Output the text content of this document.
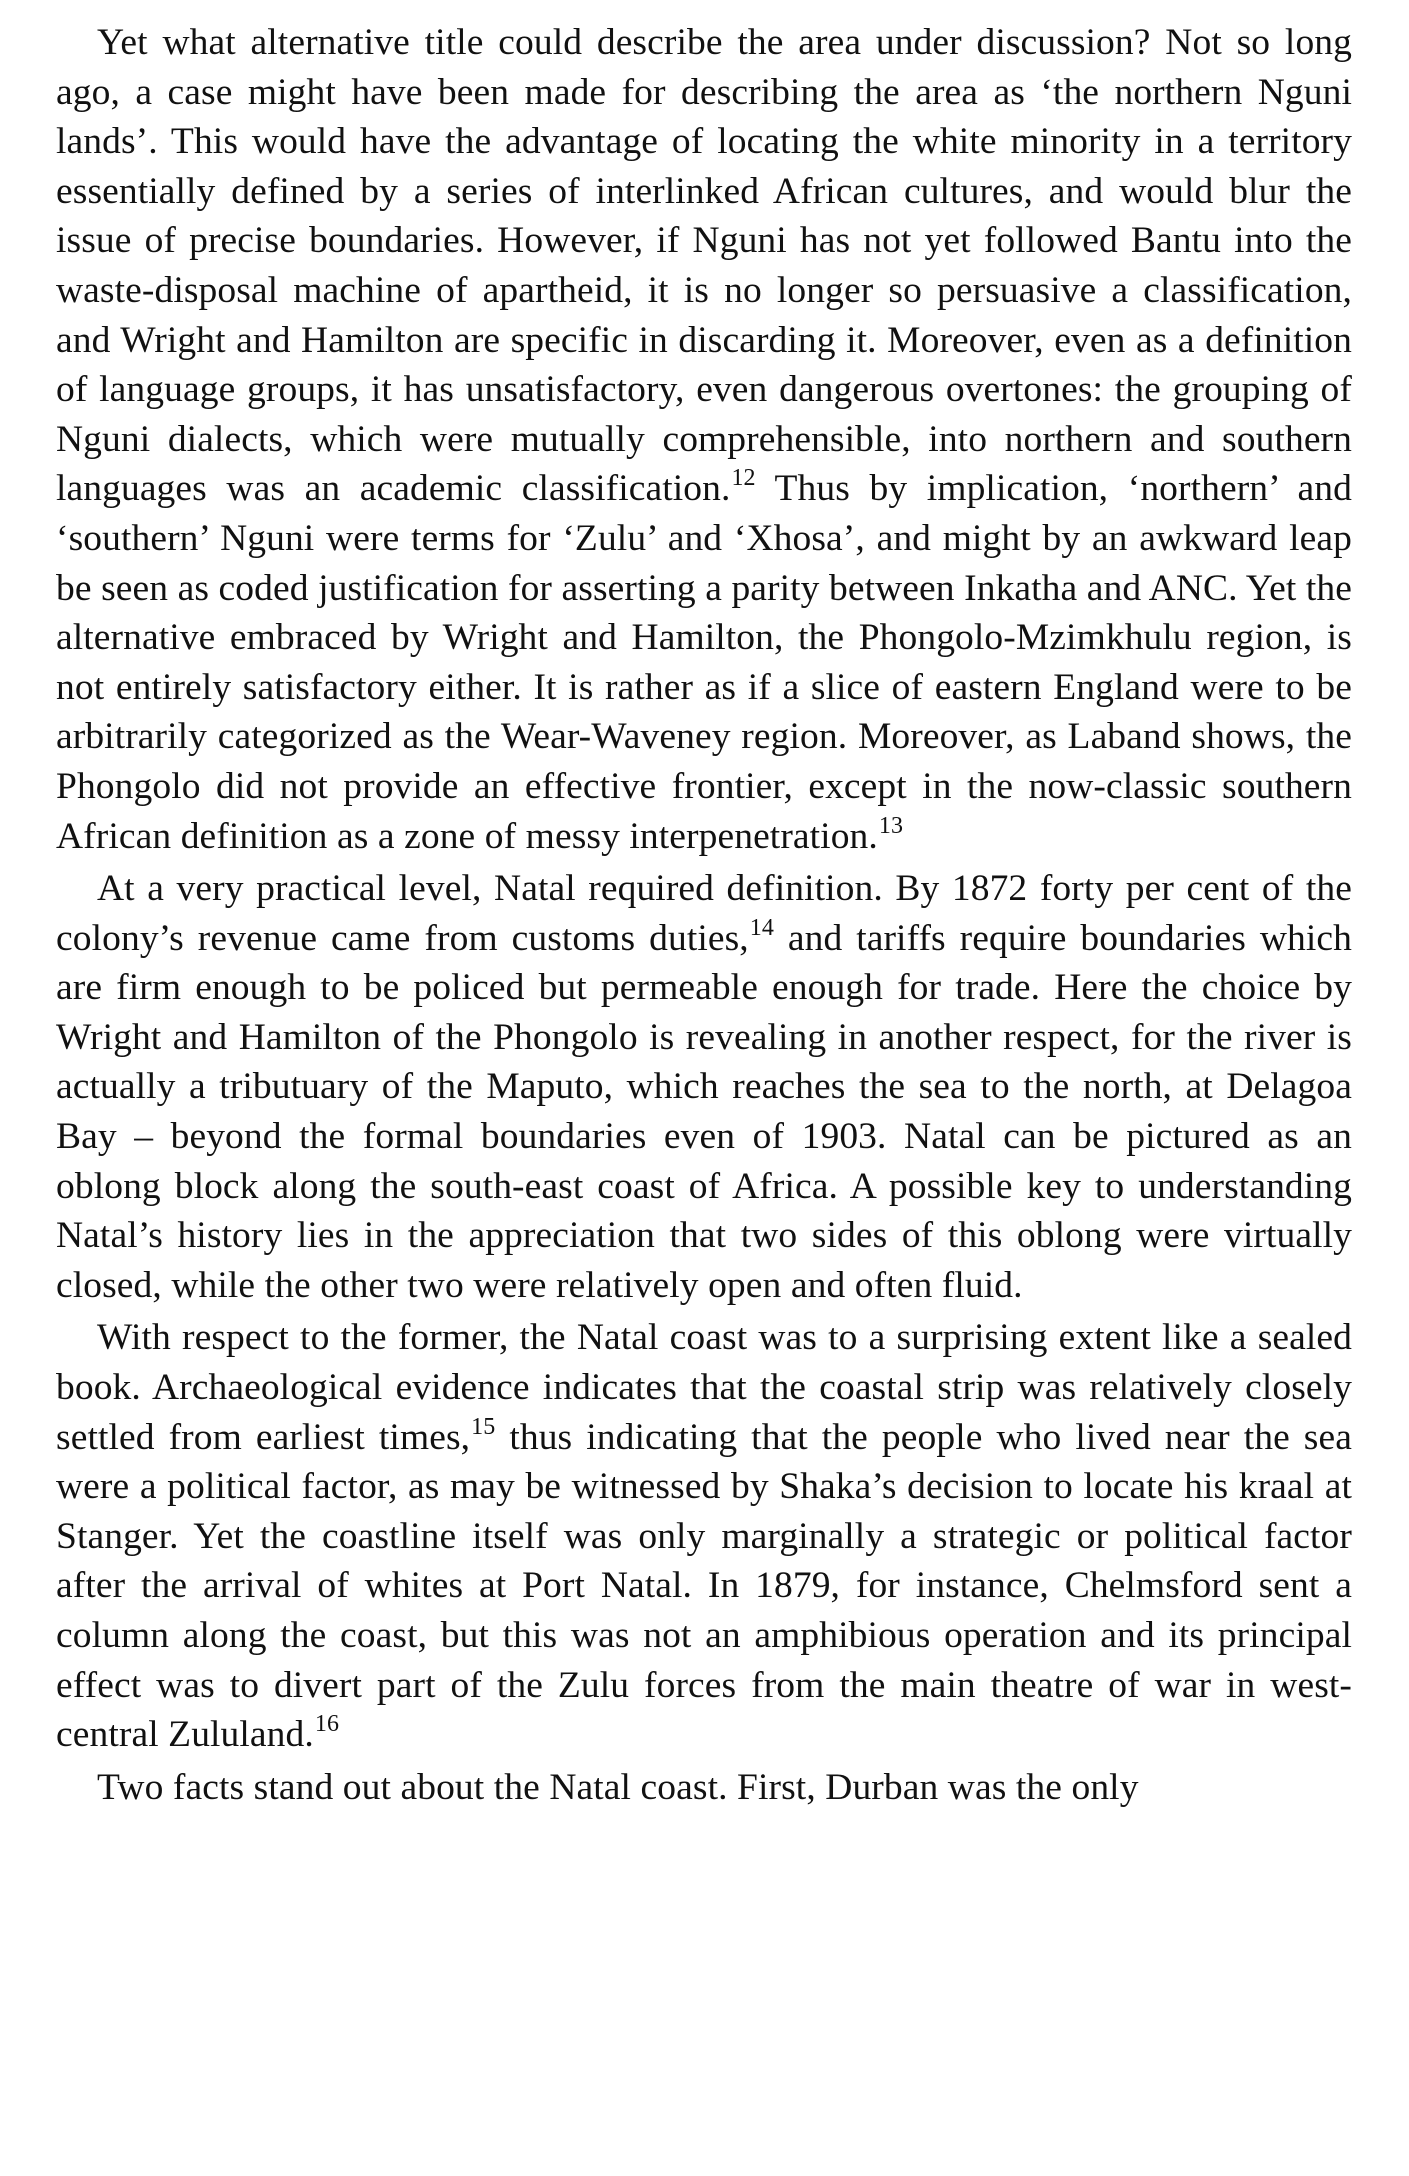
Yet what alternative title could describe the area under discussion? Not so long ago, a case might have been made for describing the area as ‘the northern Nguni lands’. This would have the advantage of locating the white minority in a territory essentially defined by a series of interlinked African cultures, and would blur the issue of precise boundaries. However, if Nguni has not yet followed Bantu into the waste-disposal machine of apartheid, it is no longer so persuasive a classification, and Wright and Hamilton are specific in discarding it. Moreover, even as a definition of language groups, it has unsatisfactory, even dangerous overtones: the grouping of Nguni dialects, which were mutually comprehensible, into northern and southern languages was an academic classification.$^{12}$ Thus by implication, ‘northern’ and ‘southern’ Nguni were terms for ‘Zulu’ and ‘Xhosa’, and might by an awkward leap be seen as coded justification for asserting a parity between Inkatha and ANC. Yet the alternative embraced by Wright and Hamilton, the Phongolo-Mzimkhulu region, is not entirely satisfactory either. It is rather as if a slice of eastern England were to be arbitrarily categorized as the Wear-Waveney region. Moreover, as Laband shows, the Phongolo did not provide an effective frontier, except in the now-classic southern African definition as a zone of messy interpenetration.$^{13}$

At a very practical level, Natal required definition. By 1872 forty per cent of the colony’s revenue came from customs duties,$^{14}$ and tariffs require boundaries which are firm enough to be policed but permeable enough for trade. Here the choice by Wright and Hamilton of the Phongolo is revealing in another respect, for the river is actually a tributuary of the Maputo, which reaches the sea to the north, at Delagoa Bay – beyond the formal boundaries even of 1903. Natal can be pictured as an oblong block along the south-east coast of Africa. A possible key to understanding Natal’s history lies in the appreciation that two sides of this oblong were virtually closed, while the other two were relatively open and often fluid.

With respect to the former, the Natal coast was to a surprising extent like a sealed book. Archaeological evidence indicates that the coastal strip was relatively closely settled from earliest times,$^{15}$ thus indicating that the people who lived near the sea were a political factor, as may be witnessed by Shaka’s decision to locate his kraal at Stanger. Yet the coastline itself was only marginally a strategic or political factor after the arrival of whites at Port Natal. In 1879, for instance, Chelmsford sent a column along the coast, but this was not an amphibious operation and its principal effect was to divert part of the Zulu forces from the main theatre of war in west-central Zululand.$^{16}$

Two facts stand out about the Natal coast. First, Durban was the only
